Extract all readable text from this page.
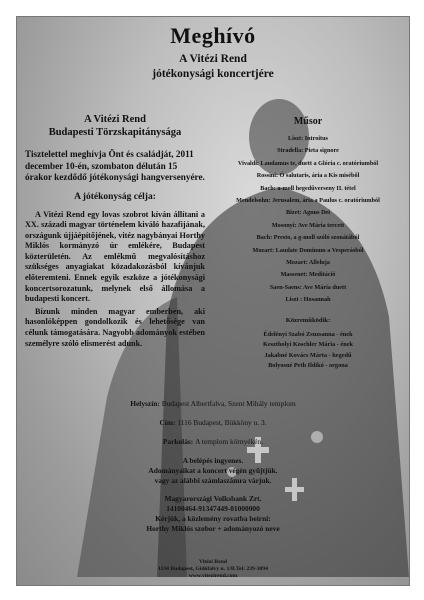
Meghívó
A Vitézi Rend
jótékonysági koncertjére
A Vitézi Rend
Budapesti Törzskapitánysága
Tisztelettel meghívja Önt és családját, 2011 december 10-én, szombaton délután 15 órakor kezdődő jótékonysági hangversenyére.
A jótékonyság célja:
A Vitézi Rend egy lovas szobrot kíván állítani a XX. századi magyar történelem kiváló hazafijának, országunk újjáépítőjének, vitéz nagybányai Horthy Miklós kormányzó úr emlékére, Budapest közterületén. Az emlékmű megvalósításhoz szükséges anyagiakat közadakozásból kívánjuk előteremteni. Ennek egyik eszköze a jótékonysági koncertsorozatunk, melynek első állomása a budapesti koncert.
Bízunk minden magyar emberben, aki hasonlóképpen gondolkozik és lehetősége van célunk támogatására. Nagyobb adományok estében személyre szóló elismerést adunk.
Műsor
Liszt: Introitus
Stradella: Pieta signore
Vivaldi: Laudamus te, duett a Glória c. oratóriumból
Rossini: Ó salutaris, ária a Kis miséből
Bach: a-moll hegedűverseny II. tétel
Mendelsohn: Jerusalem, ária a Paulus c. oratóriumból
Bizet: Agnus Dei
Mosonyi: Ave Mária tercett
Bach: Presto, a g-moll szóló szonátából
Mozart: Laudate Dominum a Vesperásból
Mozart: Alleluja
Massenet: Meditáció
Saen-Saens: Ave Mária duett
Liszt : Hosannah
Közreműködik:
Édelényi Szabó Zsuzsanna - ének
Kesztholyi Koschler Mária - ének
Jakabné Kovács Márta - hegedű
Bolyosné Peth Ildikó - orgona
Helyszín: Budapest Albertfalva, Szent Mihály templom
Cím: 1116 Budapest, Bükköny u. 3.
Parkolás: A templom környékén.
A belépés ingyenes.
Adományaikat a koncert végén gyűjtjük.
vagy az alábbi számlaszámra várjuk.
Magyarországi Volksbank Zrt.
14100464-91347449-01000000
Kérjük, a közlemény rovatba beírni:
Horthy Miklós szobor + adományozó neve
Vitézi Rend
1134 Budapest, Gidófalvy u. 1/B.Tel: 239-3094
www.vitezirend.com
